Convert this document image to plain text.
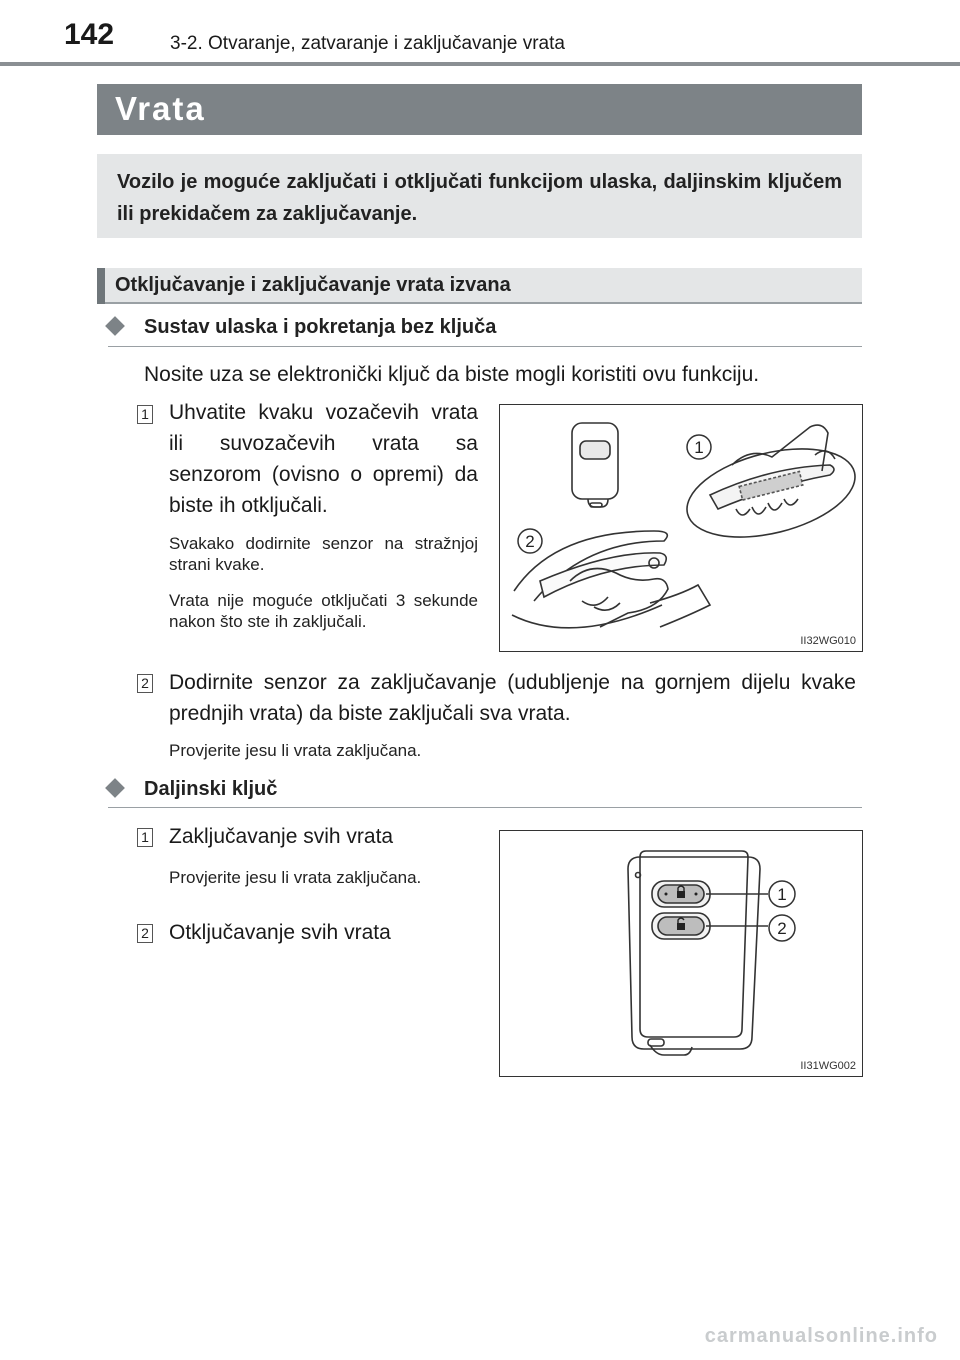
142	3-2. Otvaranje, zatvaranje i zaključavanje vrata
Vrata

Vozilo je moguće zaključati i otključati funkcijom ulaska, daljinskim ključem ili prekidačem za zaključavanje.

Otključavanje i zaključavanje vrata izvana
Sustav ulaska i pokretanja bez ključa
Nosite uza se elektronički ključ da biste mogli koristiti ovu funkciju.
1 Uhvatite kvaku vozačevih vrata ili suvozačevih vrata sa senzorom (ovisno o opremi) da biste ih otključali.
Svakako dodirnite senzor na stražnjoj strani kvake.
Vrata nije moguće otključati 3 sekunde nakon što ste ih zaključali.
1
2
II32WG010
2 Dodirnite senzor za zaključavanje (udubljenje na gornjem dijelu kvake prednjih vrata) da biste zaključali sva vrata.
Provjerite jesu li vrata zaključana.
Daljinski ključ
1 Zaključavanje svih vrata
Provjerite jesu li vrata zaključana.
2 Otključavanje svih vrata
1
2
II31WG002
carmanualsonline.info
